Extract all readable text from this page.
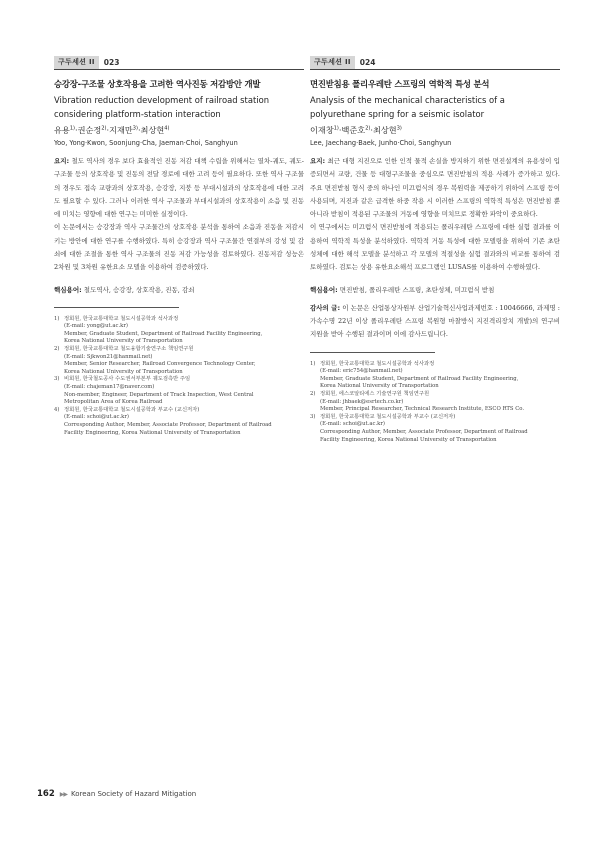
구두세션 II	023
승강장-구조물 상호작용을 고려한 역사진동 저감방안 개발
Vibration reduction development of railroad station
considering platform-station interaction
유용$^{1)}$·권순정$^{2)}$·지재만$^{3)}$·최상현$^{4)}$
Yoo, Yong·Kwon, Soonjung·Cha, Jaeman·Choi, Sanghyun

요지: 철도 역사의 경우 보다 효율적인 진동 저감 대책 수립을 위해서는 열차-궤도, 궤도-구조물 등의 상호작용 및 진동의 전달 경로에 대한 고려 등이 필요하다. 또한 역사 구조물의 경우도 접속 교량과의 상호작용, 승강장, 지붕 등 부대시설과의 상호작용에 대한 고려도 필요할 수 있다. 그러나 이러한 역사 구조물과 부대시설과의 상호작용이 소음 및 진동에 미치는 영향에 대한 연구는 미미한 실정이다.

이 논문에서는 승강장과 역사 구조물간의 상호작용 분석을 통하여 소음과 진동을 저감시키는 방안에 대한 연구를 수행하였다. 특히 승강장과 역사 구조물간 연결부의 강성 및 감쇠에 대한 조절을 통한 역사 구조물의 진동 저감 가능성을 검토하였다. 진동저감 성능은 2차원 및 3차원 유한요소 모델을 이용하여 검증하였다.

핵심용어: 철도역사, 승강장, 상호작용, 진동, 감쇠
1) 정회원, 한국교통대학교 철도시설공학과 석사과정
(E-mail: yong@ut.ac.kr)
Member, Graduate Student, Department of Railroad Facility Engineering,
Korea National University of Transportation
2) 정회원, 한국교통대학교 철도융합기술연구소 책임연구원
(E-mail: Sjkwon21@hanmail.net)
Member, Senior Researcher, Railroad Convergence Technology Center,
Korea National University of Transportation
3) 비회원, 한국철도공사 수도권서부본부 궤도검측반 주임
(E-mail: chajeman17@naver.com)
Non-member, Engineer, Department of Track Inspection, West Central
Metropolitan Area of Korea Railroad
4) 정회원, 한국교통대학교 철도시설공학과 부교수 (교신저자)
(E-mail: schoi@ut.ac.kr)
Corresponding Author, Member, Associate Professor, Department of Railroad
Facility Engineering, Korea National University of Transportation
구두세션 II	024
면진받침용 폴리우레탄 스프링의 역학적 특성 분석
Analysis of the mechanical characteristics of a
polyurethane spring for a seismic isolator
이재창$^{1)}$·백준호$^{2)}$·최상현$^{3)}$
Lee, Jaechang·Baek, Junho·Choi, Sanghyun

요지: 최근 대형 지진으로 인한 인적 물적 손실을 방지하기 위한 면진설계의 유용성이 입증되면서 교량, 건물 등 대형구조물을 중심으로 면진받침의 적용 사례가 증가하고 있다. 주요 면진받침 형식 중의 하나인 미끄럼식의 경우 복원력을 제공하기 위하여 스프링 등이 사용되며, 지진과 같은 급격한 하중 작용 시 이러한 스프링의 역학적 특성은 면진받침 뿐 아니라 받침이 적용된 구조물의 거동에 영향을 미치므로 정확한 파악이 중요하다.

이 연구에서는 미끄럼식 면진받침에 적용되는 폴리우레탄 스프링에 대한 실험 결과를 이용하여 역학적 특성을 분석하였다. 역학적 거동 특성에 대한 모델링을 위하여 기존 초탄성체에 대한 해석 모델을 분석하고 각 모델의 적절성을 실험 결과와의 비교를 통하여 검토하였다. 검토는 상용 유한요소해석 프로그램인 LUSAS를 이용하여 수행하였다.

핵심용어: 면진받침, 폴리우레탄 스프링, 초탄성체, 미끄럼식 받침
감사의 글: 이 논문은 산업통상자원부 산업기술혁신사업과제번호 : 10046666, 과제명 : 가속수명 22년 이상 폴리우레탄 스프링 복원형 마찰방식 지진격리장치 개발)의 연구비 지원을 받아 수행된 결과이며 이에 감사드립니다.
1) 정회원, 한국교통대학교 철도시설공학과 석사과정
(E-mail: eric754@hanmail.net)
Member, Graduate Student, Department of Railroad Facility Engineering,
Korea National University of Transportation
2) 정회원, 에스코알티에스 기술연구원 책임연구원
(E-mail: jhbaek@esrtech.co.kr)
Member, Principal Researcher, Technical Research Institute, ESCO RTS Co.
3) 정회원, 한국교통대학교 철도시설공학과 부교수 (교신저자)
(E-mail: schoi@ut.ac.kr)
Corresponding Author, Member, Associate Professor, Department of Railroad
Facility Engineering, Korea National University of Transportation
162 ▶▶ Korean Society of Hazard Mitigation
